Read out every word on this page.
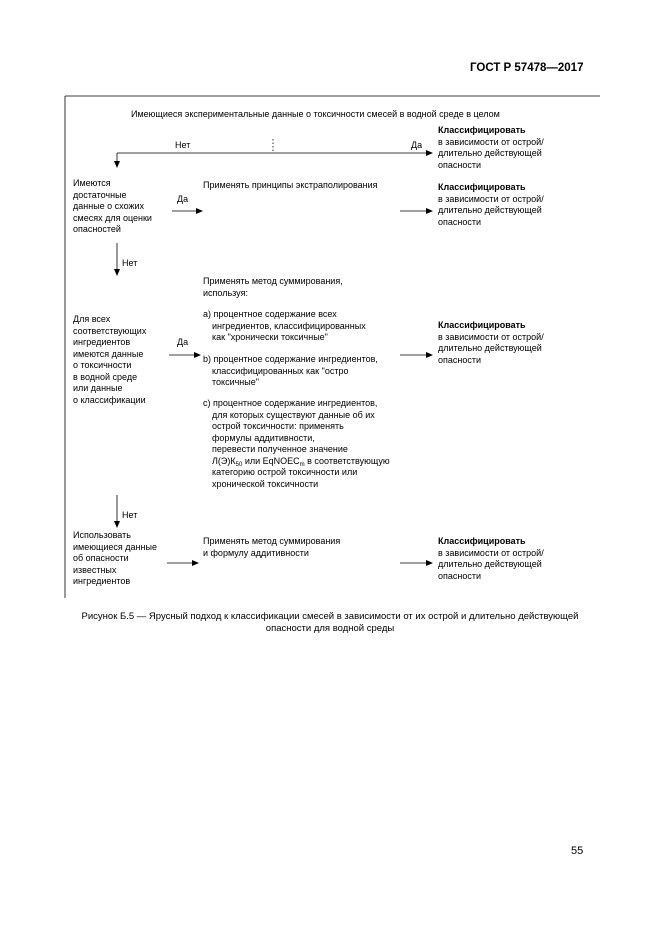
ГОСТ Р 57478—2017
Имеющиеся экспериментальные данные о токсичности смесей в водной среде в целом
Нет	Да
Классифицировать
в зависимости от острой/
длительно действующей
опасности
Имеются
достаточные
данные о схожих
смесях для оценки
опасностей
Да
Применять принципы экстраполирования	Классифицировать
в зависимости от острой/
длительно действующей
опасности
Нет
Для всех
соответствующих
ингредиентов
имеются данные
о токсичности
в водной среде
или данные
о классификации
Да
Применять метод суммирования,
используя:
a) процентное содержание всех
ингредиентов, классифицированных
как "хронически токсичные"
b) процентное содержание ингредиентов,
классифицированных как "остро
токсичные"
c) процентное содержание ингредиентов,
для которых существуют данные об их
острой токсичности: применять
формулы аддитивности,
перевести полученное значение
$Л(Э)К_{50}$ или EqNOEC$_m$ в соответствующую
категорию острой токсичности или
хронической токсичности
Классифицировать
в зависимости от острой/
длительно действующей
опасности
Нет
Использовать
имеющиеся данные
об опасности
известных
ингредиентов
Применять метод суммирования
и формулу аддитивности
Классифицировать
в зависимости от острой/
длительно действующей
опасности
Рисунок Б.5 — Ярусный подход к классификации смесей в зависимости от их острой и длительно действующей
опасности для водной среды
55
